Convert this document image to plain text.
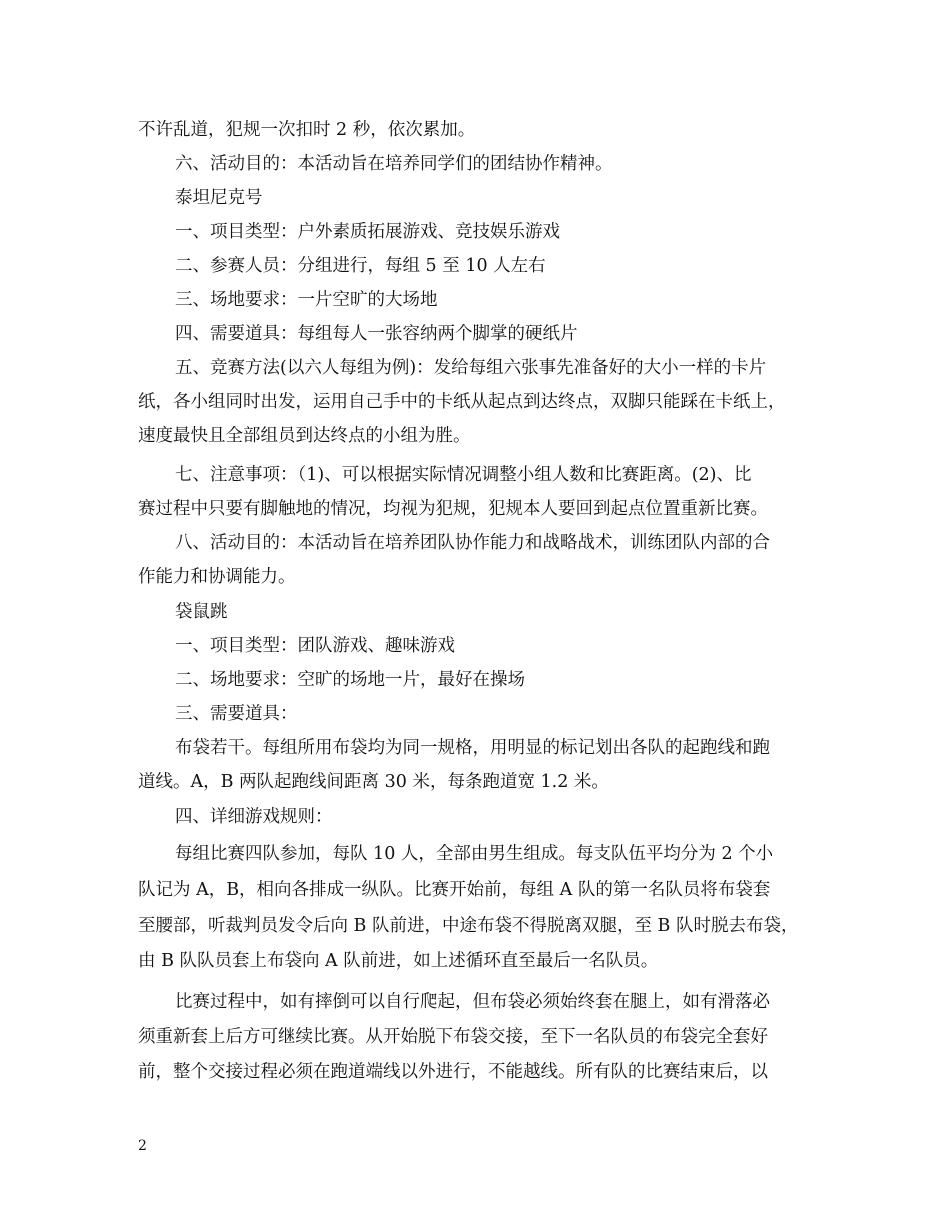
不许乱道，犯规一次扣时 2 秒，依次累加。
六、活动目的：本活动旨在培养同学们的团结协作精神。
泰坦尼克号
一、项目类型：户外素质拓展游戏、竞技娱乐游戏
二、参赛人员：分组进行，每组 5 至 10 人左右
三、场地要求：一片空旷的大场地
四、需要道具：每组每人一张容纳两个脚掌的硬纸片
五、竞赛方法(以六人每组为例)：发给每组六张事先准备好的大小一样的卡片
纸，各小组同时出发，运用自己手中的卡纸从起点到达终点，双脚只能踩在卡纸上，
速度最快且全部组员到达终点的小组为胜。
七、注意事项：（1)、可以根据实际情况调整小组人数和比赛距离。(2)、比
赛过程中只要有脚触地的情况，均视为犯规，犯规本人要回到起点位置重新比赛。
八、活动目的：本活动旨在培养团队协作能力和战略战术，训练团队内部的合
作能力和协调能力。
袋鼠跳
一、项目类型：团队游戏、趣味游戏
二、场地要求：空旷的场地一片，最好在操场
三、需要道具：
布袋若干。每组所用布袋均为同一规格，用明显的标记划出各队的起跑线和跑
道线。A，B 两队起跑线间距离 30 米，每条跑道宽 1.2 米。
四、详细游戏规则：
每组比赛四队参加，每队 10 人，全部由男生组成。每支队伍平均分为 2 个小
队记为 A，B，相向各排成一纵队。比赛开始前，每组 A 队的第一名队员将布袋套
至腰部，听裁判员发令后向 B 队前进，中途布袋不得脱离双腿，至 B 队时脱去布袋，
由 B 队队员套上布袋向 A 队前进，如上述循环直至最后一名队员。
比赛过程中，如有摔倒可以自行爬起，但布袋必须始终套在腿上，如有滑落必
须重新套上后方可继续比赛。从开始脱下布袋交接，至下一名队员的布袋完全套好
前，整个交接过程必须在跑道端线以外进行，不能越线。所有队的比赛结束后，以
2
